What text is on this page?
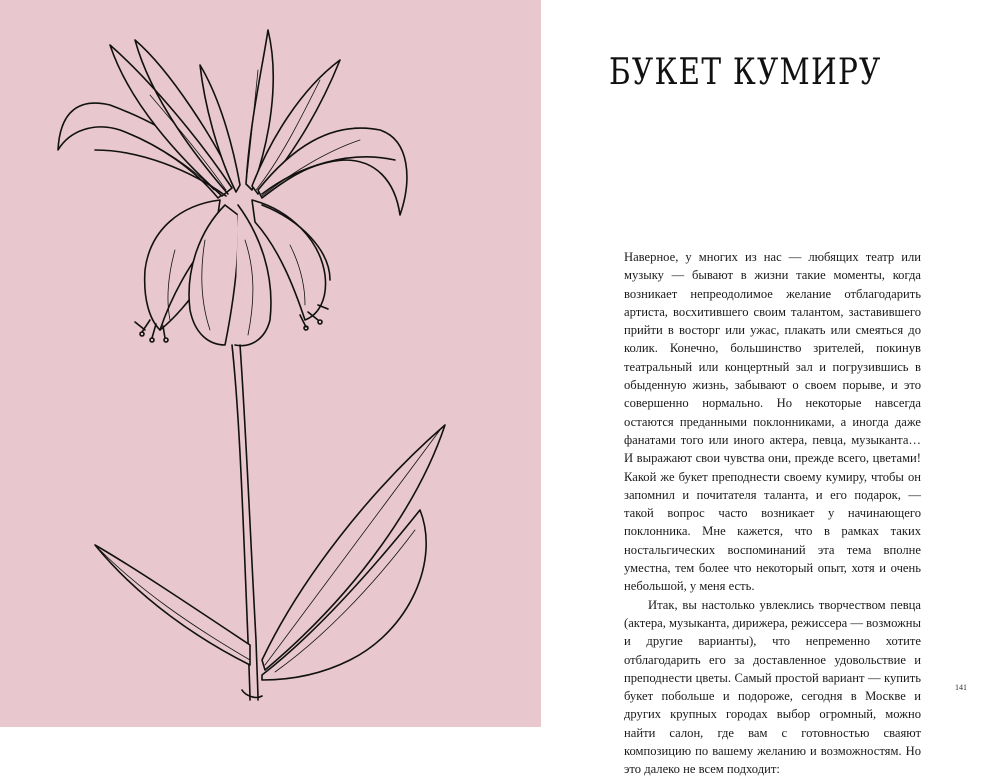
БУКЕТ КУМИРУ

Наверное, у многих из нас — любящих театр или музыку — бывают в жизни такие моменты, когда возникает непреодолимое желание отблагодарить артиста, восхитившего своим талантом, заставившего прийти в восторг или ужас, плакать или смеяться до колик. Конечно, большинство зрителей, покинув театральный или концертный зал и погрузившись в обыденную жизнь, забывают о своем порыве, и это совершенно нормально. Но некоторые навсегда остаются преданными поклонниками, а иногда даже фанатами того или иного актера, певца, музыканта… И выражают свои чувства они, прежде всего, цветами! Какой же букет преподнести своему кумиру, чтобы он запомнил и почитателя таланта, и его подарок, — такой вопрос часто возникает у начинающего поклонника. Мне кажется, что в рамках таких ностальгических воспоминаний эта тема вполне уместна, тем более что некоторый опыт, хотя и очень небольшой, у меня есть.

Итак, вы настолько увлеклись творчеством певца (актера, музыканта, дирижера, режиссера — возможны и другие варианты), что непременно хотите отблагодарить его за доставленное удовольствие и преподнести цветы. Самый простой вариант — купить букет побольше и подороже, сегодня в Москве и других крупных городах выбор огромный, можно найти салон, где вам с готовностью сваяют композицию по вашему желанию и возможностям. Но это далеко не всем подходит:

141
